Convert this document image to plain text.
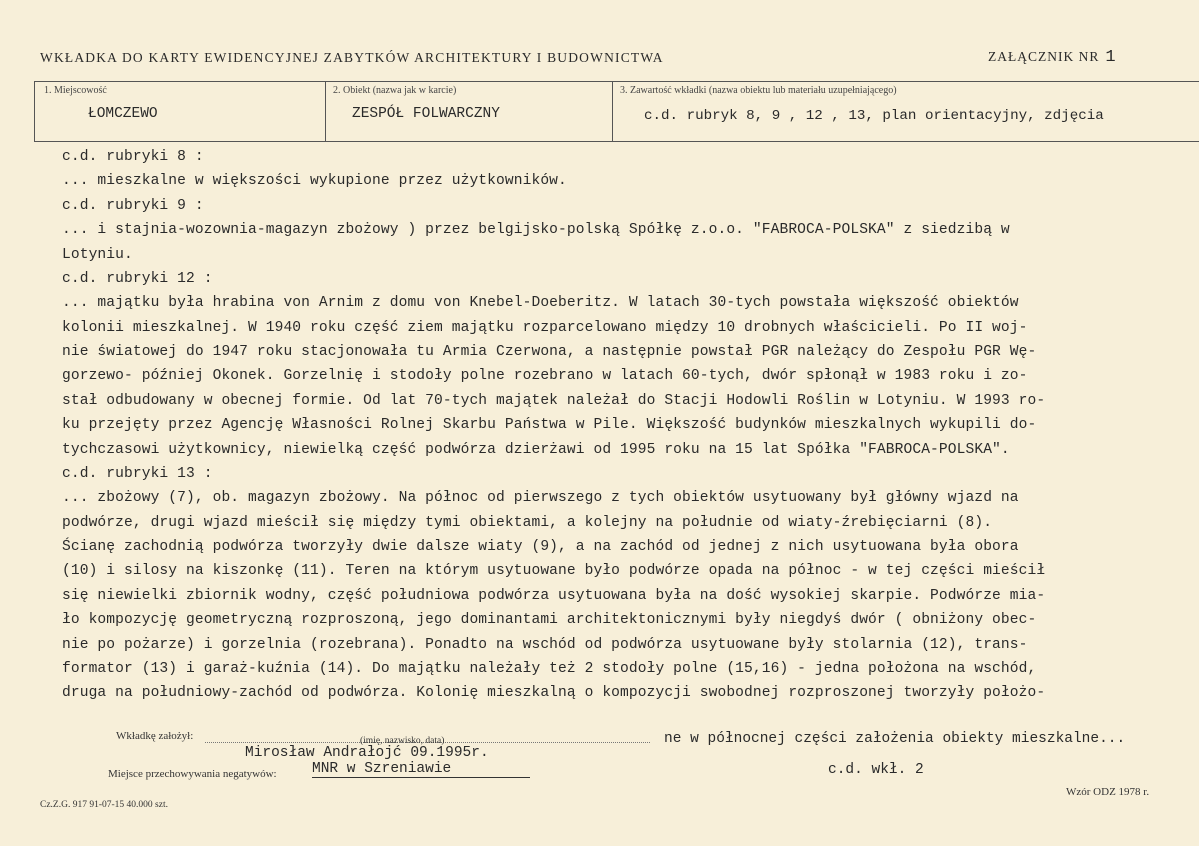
WKŁADKA DO KARTY EWIDENCYJNEJ ZABYTKÓW ARCHITEKTURY I BUDOWNICTWA	ZAŁĄCZNIK NR 1
1. Miejscowość
ŁOMCZEWO
2. Obiekt (nazwa jak w karcie)
ZESPÓŁ FOLWARCZNY
3. Zawartość wkładki (nazwa obiektu lub materiału uzupełniającego)
c.d. rubryk 8, 9 , 12 , 13, plan orientacyjny, zdjęcia
c.d. rubryki 8 :
... mieszkalne w większości wykupione przez użytkowników.
c.d. rubryki 9 :
... i stajnia-wozownia-magazyn zbożowy ) przez belgijsko-polską Spółkę z.o.o. "FABROCA-POLSKA" z siedzibą w
Lotyniu.
c.d. rubryki 12 :
... majątku była hrabina von Arnim z domu von Knebel-Doeberitz. W latach 30-tych powstała większość obiektów
kolonii mieszkalnej. W 1940 roku część ziem majątku rozparcelowano między 10 drobnych właścicieli. Po II woj-
nie światowej do 1947 roku stacjonowała tu Armia Czerwona, a następnie powstał PGR należący do Zespołu PGR Wę-
gorzewo- później Okonek. Gorzelnię i stodoły polne rozebrano w latach 60-tych, dwór spłonął w 1983 roku i zo-
stał odbudowany w obecnej formie. Od lat 70-tych majątek należał do Stacji Hodowli Roślin w Lotyniu. W 1993 ro-
ku przejęty przez Agencję Własności Rolnej Skarbu Państwa w Pile. Większość budynków mieszkalnych wykupili do-
tychczasowi użytkownicy, niewielką część podwórza dzierżawi od 1995 roku na 15 lat Spółka "FABROCA-POLSKA".
c.d. rubryki 13 :
... zbożowy (7), ob. magazyn zbożowy. Na północ od pierwszego z tych obiektów usytuowany był główny wjazd na
podwórze, drugi wjazd mieścił się między tymi obiektami, a kolejny na południe od wiaty-źrebięciarni (8).
Ścianę zachodnią podwórza tworzyły dwie dalsze wiaty (9), a na zachód od jednej z nich usytuowana była obora
(10) i silosy na kiszonkę (11). Teren na którym usytuowane było podwórze opada na północ - w tej części mieścił
się niewielki zbiornik wodny, część południowa podwórza usytuowana była na dość wysokiej skarpie. Podwórze mia-
ło kompozycję geometryczną rozproszoną, jego dominantami architektonicznymi były niegdyś dwór ( obniżony obec-
nie po pożarze) i gorzelnia (rozebrana). Ponadto na wschód od podwórza usytuowane były stolarnia (12), trans-
formator (13) i garaż-kuźnia (14). Do majątku należały też 2 stodoły polne (15,16) - jedna położona na wschód,
druga na południowy-zachód od podwórza. Kolonię mieszkalną o kompozycji swobodnej rozproszonej tworzyły położo-
Wkładkę założył:	(imię, nazwisko, data)
Mirosław Andrałojć 09.1995r.
ne w północnej części założenia obiekty mieszkalne...
Miejsce przechowywania negatywów: MNR w Szreniawie	c.d. wkł. 2
Cz.Z.G. 917 91-07-15 40.000 szt.
Wzór ODZ 1978 r.
